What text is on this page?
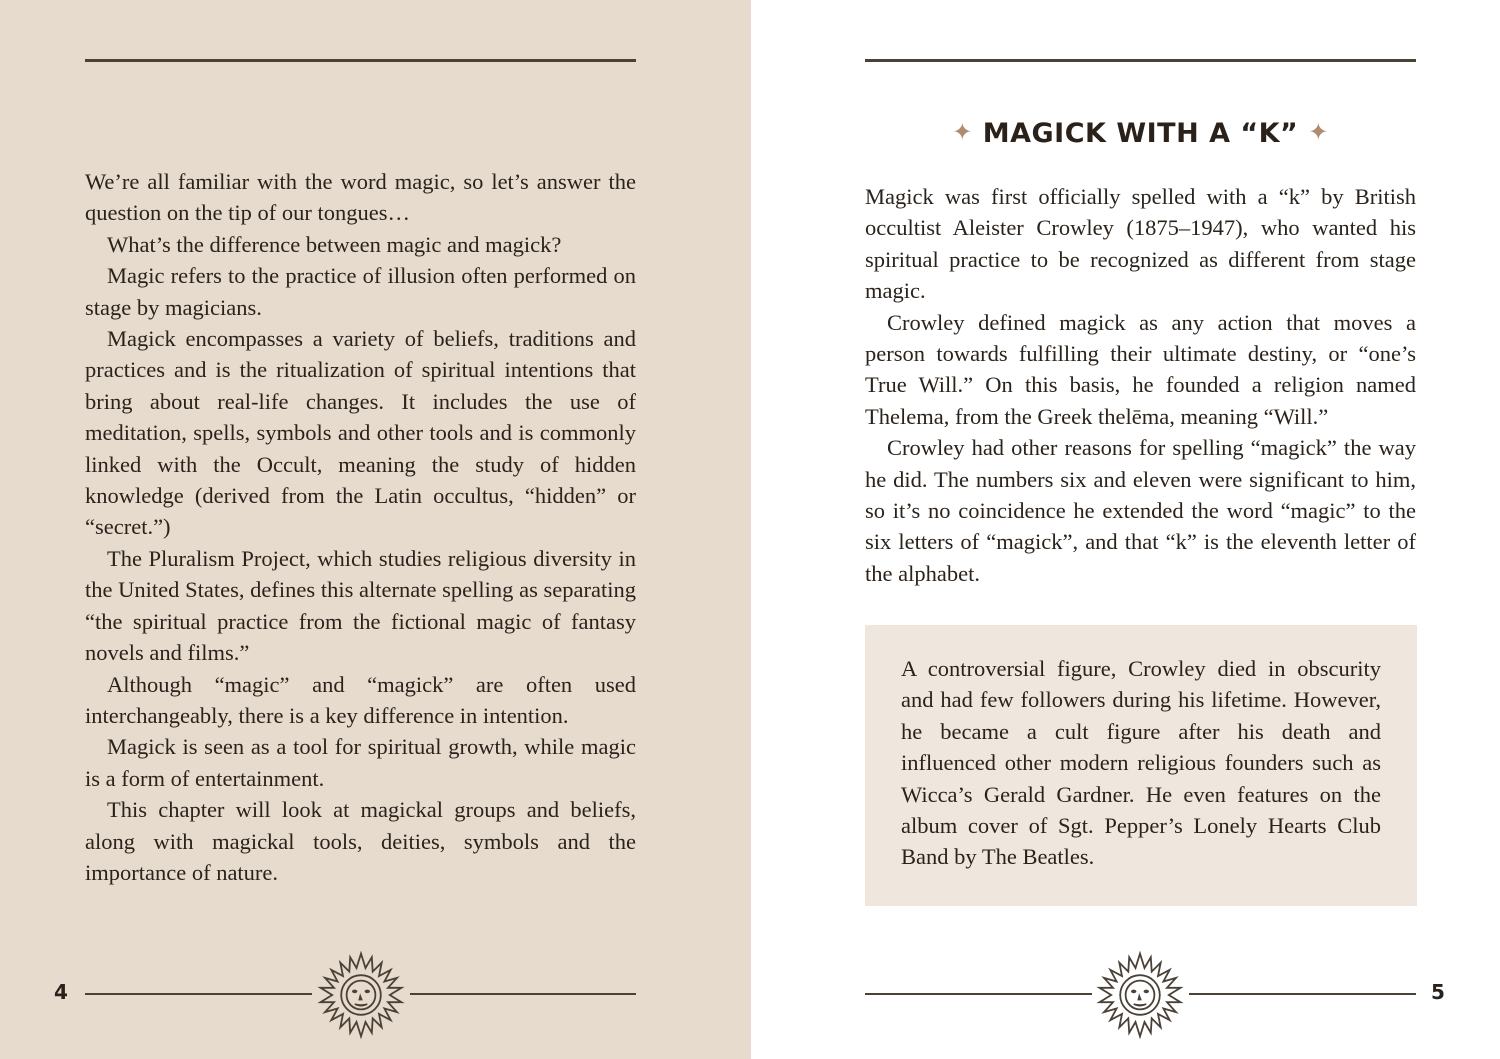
We’re all familiar with the word magic, so let’s answer the question on the tip of our tongues…

What’s the difference between magic and magick?

Magic refers to the practice of illusion often performed on stage by magicians.

Magick encompasses a variety of beliefs, traditions and practices and is the ritualization of spiritual intentions that bring about real-life changes. It includes the use of meditation, spells, symbols and other tools and is commonly linked with the Occult, meaning the study of hidden knowledge (derived from the Latin occultus, “hidden” or “secret.”)

The Pluralism Project, which studies religious diversity in the United States, defines this alternate spelling as separating “the spiritual practice from the fictional magic of fantasy novels and films.”

Although “magic” and “magick” are often used interchangeably, there is a key difference in intention.

Magick is seen as a tool for spiritual growth, while magic is a form of entertainment.

This chapter will look at magickal groups and beliefs, along with magickal tools, deities, symbols and the importance of nature.

4
✦ MAGICK WITH A “K” ✦

Magick was first officially spelled with a “k” by British occultist Aleister Crowley (1875–1947), who wanted his spiritual practice to be recognized as different from stage magic.

Crowley defined magick as any action that moves a person towards fulfilling their ultimate destiny, or “one’s True Will.” On this basis, he founded a religion named Thelema, from the Greek thelēma, meaning “Will.”

Crowley had other reasons for spelling “magick” the way he did. The numbers six and eleven were significant to him, so it’s no coincidence he extended the word “magic” to the six letters of “magick”, and that “k” is the eleventh letter of the alphabet.

A controversial figure, Crowley died in obscurity and had few followers during his lifetime. However, he became a cult figure after his death and influenced other modern religious founders such as Wicca’s Gerald Gardner. He even features on the album cover of Sgt. Pepper’s Lonely Hearts Club Band by The Beatles.

5
